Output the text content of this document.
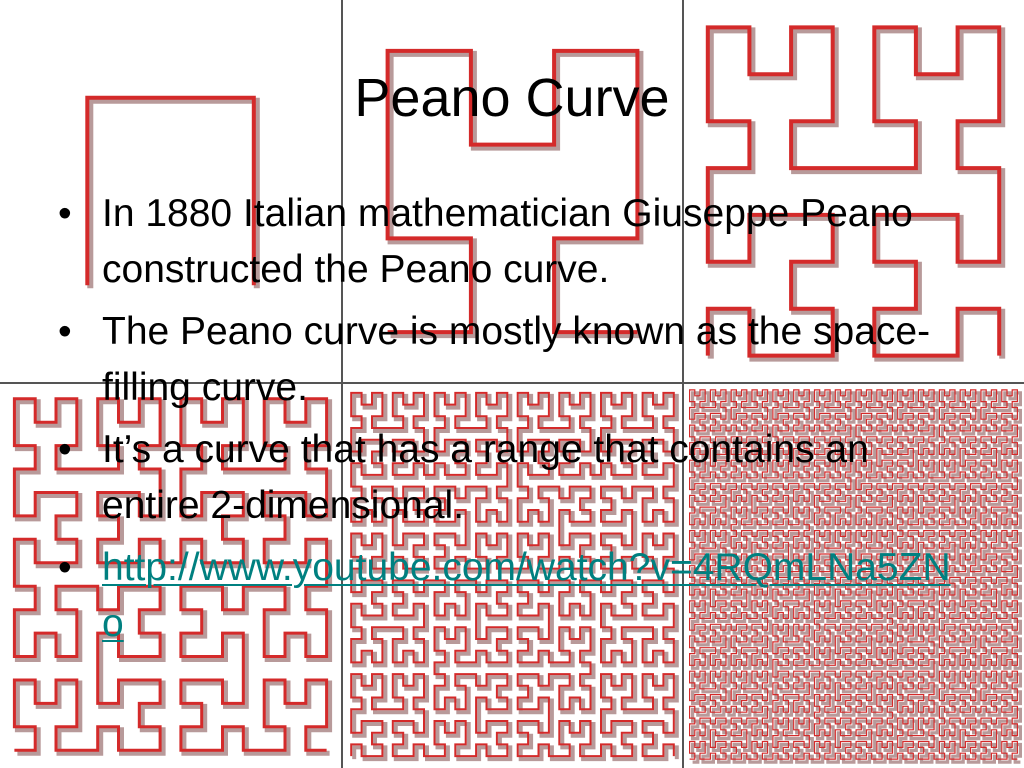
Peano Curve
• In 1880 Italian mathematician Giuseppe Peano constructed the Peano curve.
• The Peano curve is mostly known as the space-filling curve.
• It’s a curve that has a range that contains an entire 2-dimensional.
• http://www.youtube.com/watch?v=4RQmLNa5ZNo
